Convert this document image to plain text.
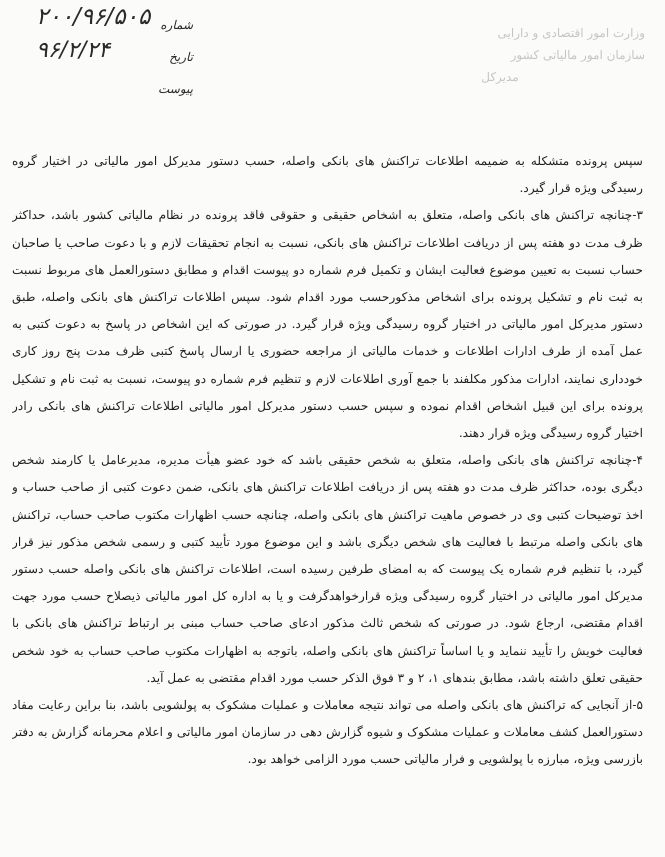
۲۰۰/۹۶/۵۰۵
۹۶/۲/۲۴
شماره
تاریخ
پیوست
وزارت امور اقتصادی و دارایی
سازمان امور مالیاتی کشور
مدیرکل

سپس پرونده متشکله به ضمیمه اطلاعات تراکنش های بانکی واصله، حسب دستور مدیرکل امور مالیاتی در اختیار گروه رسیدگی ویژه قرار گیرد.

۳-چنانچه تراکنش های بانکی واصله، متعلق به اشخاص حقیقی و حقوقی فاقد پرونده در نظام مالیاتی کشور باشد، حداکثر ظرف مدت دو هفته پس از دریافت اطلاعات تراکنش های بانکی، نسبت به انجام تحقیقات لازم و با دعوت صاحب یا صاحبان حساب نسبت به تعیین موضوع فعالیت ایشان و تکمیل فرم شماره دو پیوست اقدام و مطابق دستورالعمل های مربوط نسبت به ثبت نام و تشکیل پرونده برای اشخاص مذکورحسب مورد اقدام شود. سپس اطلاعات تراکنش های بانکی واصله، طبق دستور مدیرکل امور مالیاتی در اختیار گروه رسیدگی ویژه قرار گیرد. در صورتی که این اشخاص در پاسخ به دعوت کتبی به عمل آمده از طرف ادارات اطلاعات و خدمات مالیاتی از مراجعه حضوری یا ارسال پاسخ کتبی ظرف مدت پنج روز کاری خودداری نمایند، ادارات مذکور مکلفند با جمع آوری اطلاعات لازم و تنظیم فرم شماره دو پیوست، نسبت به ثبت نام و تشکیل پرونده برای این قبیل اشخاص اقدام نموده و سپس حسب دستور مدیرکل امور مالیاتی اطلاعات تراکنش های بانکی رادر اختیار گروه رسیدگی ویژه قرار دهند.

۴-چنانچه تراکنش های بانکی واصله، متعلق به شخص حقیقی باشد که خود عضو هیأت مدیره، مدیرعامل یا کارمند شخص دیگری بوده، حداکثر ظرف مدت دو هفته پس از دریافت اطلاعات تراکنش های بانکی، ضمن دعوت کتبی از صاحب حساب و اخذ توضیحات کتبی وی در خصوص ماهیت تراکنش های بانکی واصله، چنانچه حسب اظهارات مکتوب صاحب حساب، تراکنش های بانکی واصله مرتبط با فعالیت های شخص دیگری باشد و این موضوع مورد تأیید کتبی و رسمی شخص مذکور نیز قرار گیرد، با تنظیم فرم شماره یک پیوست که به امضای طرفین رسیده است، اطلاعات تراکنش های بانکی واصله حسب دستور مدیرکل امور مالیاتی در اختیار گروه رسیدگی ویژه قرارخواهدگرفت و یا به اداره کل امور مالیاتی ذیصلاح حسب مورد جهت اقدام مقتضی، ارجاع شود. در صورتی که شخص ثالث مذکور ادعای صاحب حساب مبنی بر ارتباط تراکنش های بانکی با فعالیت خویش را تأیید ننماید و یا اساساً تراکنش های بانکی واصله، باتوجه به اظهارات مکتوب صاحب حساب به خود شخص حقیقی تعلق داشته باشد، مطابق بندهای ۱، ۲ و ۳ فوق الذکر حسب مورد اقدام مقتضی به عمل آید.

۵-از آنجایی که تراکنش های بانکی واصله می تواند نتیجه معاملات و عملیات مشکوک به پولشویی باشد، بنا براین رعایت مفاد دستورالعمل کشف معاملات و عملیات مشکوک و شیوه گزارش دهی در سازمان امور مالیاتی و اعلام محرمانه گزارش به دفتر بازرسی ویژه، مبارزه با پولشویی و فرار مالیاتی حسب مورد الزامی خواهد بود.
